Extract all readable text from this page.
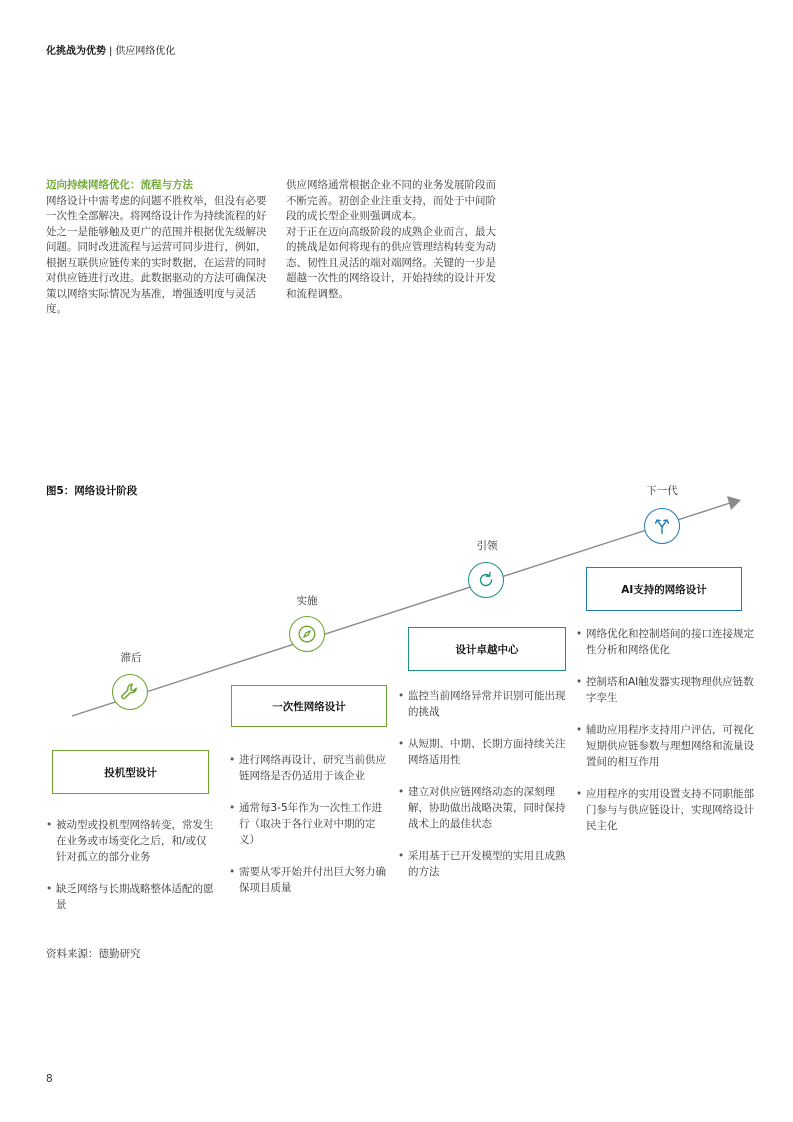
化挑战为优势 | 供应网络优化
迈向持续网络优化：流程与方法

网络设计中需考虑的问题不胜枚举，但没有必要一次性全部解决。将网络设计作为持续流程的好处之一是能够触及更广的范围并根据优先级解决问题。同时改进流程与运营可同步进行，例如，根据互联供应链传来的实时数据，在运营的同时对供应链进行改进。此数据驱动的方法可确保决策以网络实际情况为基准，增强透明度与灵活度。

供应网络通常根据企业不同的业务发展阶段而不断完善。初创企业注重支持，而处于中间阶段的成长型企业则强调成本。

对于正在迈向高级阶段的成熟企业而言，最大的挑战是如何将现有的供应管理结构转变为动态、韧性且灵活的端对端网络。关键的一步是超越一次性的网络设计，开始持续的设计开发和流程调整。

图5：网络设计阶段
滞后
投机型设计
• 被动型或投机型网络转变，常发生在业务或市场变化之后，和/或仅针对孤立的部分业务
• 缺乏网络与长期战略整体适配的愿景
实施
一次性网络设计
• 进行网络再设计，研究当前供应链网络是否仍适用于该企业
• 通常每3-5年作为一次性工作进行（取决于各行业对中期的定义）
• 需要从零开始并付出巨大努力确保项目质量
引领
设计卓越中心
• 监控当前网络异常并识别可能出现的挑战
• 从短期、中期、长期方面持续关注网络适用性
• 建立对供应链网络动态的深刻理解，协助做出战略决策，同时保持战术上的最佳状态
• 采用基于已开发模型的实用且成熟的方法
下一代
AI支持的网络设计
• 网络优化和控制塔间的接口连接规定性分析和网络优化
• 控制塔和AI触发器实现物理供应链数字孪生
• 辅助应用程序支持用户评估，可视化短期供应链参数与理想网络和流量设置间的相互作用
• 应用程序的实用设置支持不同职能部门参与与供应链设计，实现网络设计民主化
资料来源：德勤研究
8
